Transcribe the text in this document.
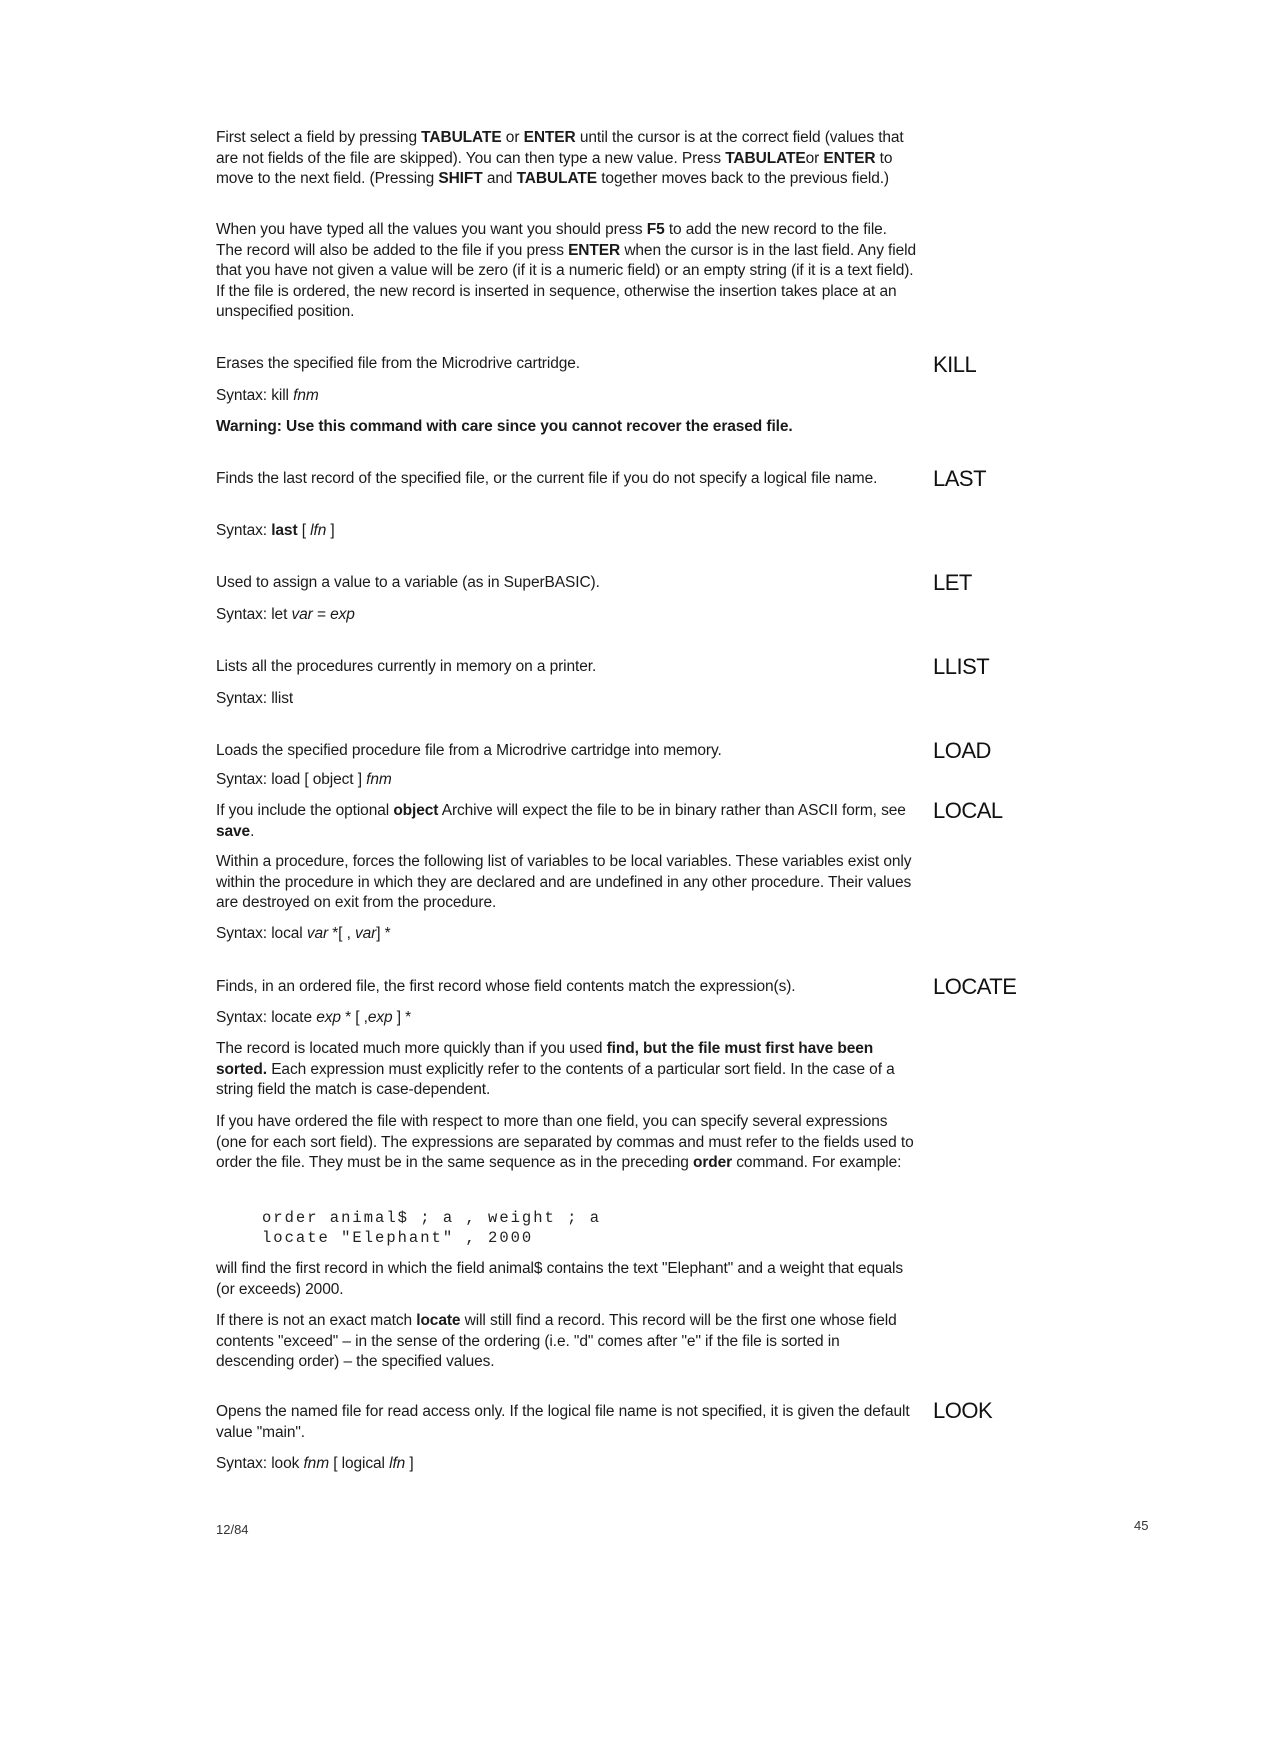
First select a field by pressing TABULATE or ENTER until the cursor is at the correct field (values that are not fields of the file are skipped). You can then type a new value. Press TABULATEor ENTER to move to the next field. (Pressing SHIFT and TABULATE together moves back to the previous field.)

When you have typed all the values you want you should press F5 to add the new record to the file. The record will also be added to the file if you press ENTER when the cursor is in the last field. Any field that you have not given a value will be zero (if it is a numeric field) or an empty string (if it is a text field). If the file is ordered, the new record is inserted in sequence, otherwise the insertion takes place at an unspecified position.

KILL

Erases the specified file from the Microdrive cartridge.

Syntax: kill fnm

Warning: Use this command with care since you cannot recover the erased file.

LAST

Finds the last record of the specified file, or the current file if you do not specify a logical file name.

Syntax: last [ lfn ]

LET

Used to assign a value to a variable (as in SuperBASIC).

Syntax: let var = exp

LLIST

Lists all the procedures currently in memory on a printer.

Syntax: llist

LOAD

Loads the specified procedure file from a Microdrive cartridge into memory.

Syntax: load [ object ] fnm

If you include the optional object Archive will expect the file to be in binary rather than ASCII form, see save.

LOCAL

Within a procedure, forces the following list of variables to be local variables. These variables exist only within the procedure in which they are declared and are undefined in any other procedure. Their values are destroyed on exit from the procedure.

Syntax: local var *[ , var] *

LOCATE

Finds, in an ordered file, the first record whose field contents match the expression(s).

Syntax: locate exp * [ ,exp ] *

The record is located much more quickly than if you used find, but the file must first have been sorted. Each expression must explicitly refer to the contents of a particular sort field. In the case of a string field the match is case-dependent.

If you have ordered the file with respect to more than one field, you can specify several expressions (one for each sort field). The expressions are separated by commas and must refer to the fields used to order the file. They must be in the same sequence as in the preceding order command. For example:

order animal$ ; a , weight ; a

locate "Elephant" , 2000

will find the first record in which the field animal$ contains the text "Elephant" and a weight that equals (or exceeds) 2000.

If there is not an exact match locate will still find a record. This record will be the first one whose field contents "exceed" – in the sense of the ordering (i.e. "d" comes after "e" if the file is sorted in descending order) – the specified values.

LOOK

Opens the named file for read access only. If the logical file name is not specified, it is given the default value "main".

Syntax: look fnm [ logical lfn ]

12/84	45
